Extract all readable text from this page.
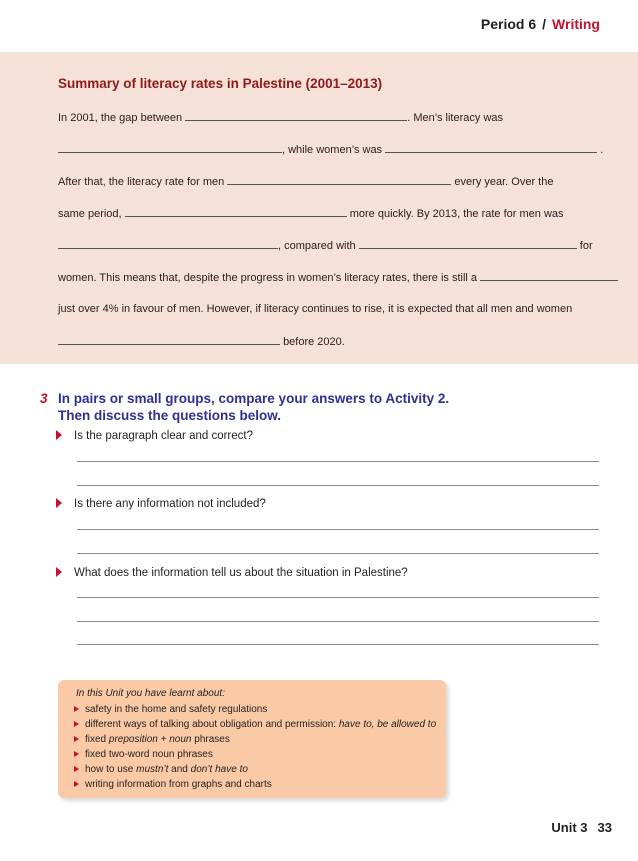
Period 6 / Writing
Summary of literacy rates in Palestine (2001–2013)
In 2001, the gap between	. Men’s literacy was
, while women’s was	.
After that, the literacy rate for men	every year. Over the
same period,	more quickly. By 2013, the rate for men was
, compared with	for
women. This means that, despite the progress in women’s literacy rates, there is still a
just over 4% in favour of men. However, if literacy continues to rise, it is expected that all men and women
before 2020.
3 In pairs or small groups, compare your answers to Activity 2.
Then discuss the questions below.
Is the paragraph clear and correct?
Is there any information not included?
What does the information tell us about the situation in Palestine?
In this Unit you have learnt about:
safety in the home and safety regulations
different ways of talking about obligation and permission: have to, be allowed to
fixed preposition + noun phrases
fixed two-word noun phrases
how to use mustn’t and don’t have to
writing information from graphs and charts
Unit 3 33
